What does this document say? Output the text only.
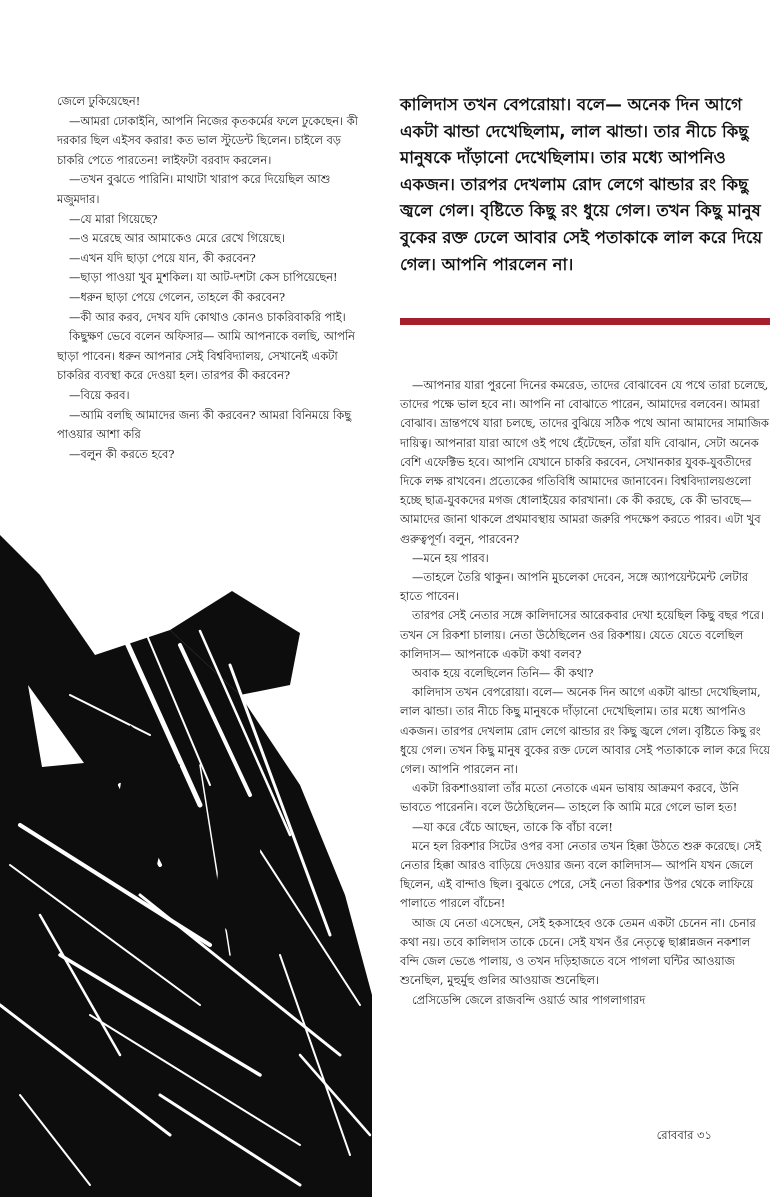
জেলে ঢুকিয়েছেন!

—আমরা ঢোকাইনি, আপনি নিজের কৃতকর্মের ফলে ঢুকেছেন। কী দরকার ছিল এইসব করার! কত ভাল স্টুডেন্ট ছিলেন। চাইলে বড় চাকরি পেতে পারতেন! লাইফটা বরবাদ করলেন।

—তখন বুঝতে পারিনি। মাথাটা খারাপ করে দিয়েছিল আশু মজুমদার।

—যে মারা গিয়েছে?

—ও মরেছে আর আমাকেও মেরে রেখে গিয়েছে।

—এখন যদি ছাড়া পেয়ে যান, কী করবেন?

—ছাড়া পাওয়া খুব মুশকিল। যা আট-দশটা কেস চাপিয়েছেন!

—ধরুন ছাড়া পেয়ে গেলেন, তাহলে কী করবেন?

—কী আর করব, দেখব যদি কোথাও কোনও চাকরিবাকরি পাই।

কিছুক্ষণ ভেবে বলেন অফিসার— আমি আপনাকে বলছি, আপনি ছাড়া পাবেন। ধরুন আপনার সেই বিশ্ববিদ্যালয়, সেখানেই একটা চাকরির ব্যবস্থা করে দেওয়া হল। তারপর কী করবেন?

—বিয়ে করব।

—আমি বলছি আমাদের জন্য কী করবেন? আমরা বিনিময়ে কিছু পাওয়ার আশা করি

—বলুন কী করতে হবে?

কালিদাস তখন বেপরোয়া। বলে— অনেক দিন আগে একটা ঝান্ডা দেখেছিলাম, লাল ঝান্ডা। তার নীচে কিছু মানুষকে দাঁড়ানো দেখেছিলাম। তার মধ্যে আপনিও একজন। তারপর দেখলাম রোদ লেগে ঝান্ডার রং কিছু জ্বলে গেল। বৃষ্টিতে কিছু রং ধুয়ে গেল। তখন কিছু মানুষ বুকের রক্ত ঢেলে আবার সেই পতাকাকে লাল করে দিয়ে গেল। আপনি পারলেন না।

—আপনার যারা পুরনো দিনের কমরেড, তাদের বোঝাবেন যে পথে তারা চলেছে, তাদের পক্ষে ভাল হবে না। আপনি না বোঝাতে পারেন, আমাদের বলবেন। আমরা বোঝাব। ভ্রান্তপথে যারা চলছে, তাদের বুঝিয়ে সঠিক পথে আনা আমাদের সামাজিক দায়িত্ব। আপনারা যারা আগে ওই পথে হেঁটেছেন, তাঁরা যদি বোঝান, সেটা অনেক বেশি এফেক্টিভ হবে। আপনি যেখানে চাকরি করবেন, সেখানকার যুবক-যুবতীদের দিকে লক্ষ রাখবেন। প্রত্যেকের গতিবিধি আমাদের জানাবেন। বিশ্ববিদ্যালয়গুলো হচ্ছে ছাত্র-যুবকদের মগজ ধোলাইয়ের কারখানা। কে কী করছে, কে কী ভাবছে— আমাদের জানা থাকলে প্রথমাবস্থায় আমরা জরুরি পদক্ষেপ করতে পারব। এটা খুব গুরুত্বপূর্ণ। বলুন, পারবেন?

—মনে হয় পারব।

—তাহলে তৈরি থাকুন। আপনি মুচলেকা দেবেন, সঙ্গে অ্যাপয়েন্টমেন্ট লেটার হাতে পাবেন।

তারপর সেই নেতার সঙ্গে কালিদাসের আরেকবার দেখা হয়েছিল কিছু বছর পরে। তখন সে রিকশা চালায়। নেতা উঠেছিলেন ওর রিকশায়। যেতে যেতে বলেছিল কালিদাস— আপনাকে একটা কথা বলব?

অবাক হয়ে বলেছিলেন তিনি— কী কথা?

কালিদাস তখন বেপরোয়া। বলে— অনেক দিন আগে একটা ঝান্ডা দেখেছিলাম, লাল ঝান্ডা। তার নীচে কিছু মানুষকে দাঁড়ানো দেখেছিলাম। তার মধ্যে আপনিও একজন। তারপর দেখলাম রোদ লেগে ঝান্ডার রং কিছু জ্বলে গেল। বৃষ্টিতে কিছু রং ধুয়ে গেল। তখন কিছু মানুষ বুকের রক্ত ঢেলে আবার সেই পতাকাকে লাল করে দিয়ে গেল। আপনি পারলেন না।

একটা রিকশাওয়ালা তাঁর মতো নেতাকে এমন ভাষায় আক্রমণ করবে, উনি ভাবতে পারেননি। বলে উঠেছিলেন— তাহলে কি আমি মরে গেলে ভাল হত!

—যা করে বেঁচে আছেন, তাকে কি বাঁচা বলে!

মনে হল রিকশার সিটের ওপর বসা নেতার তখন হিক্কা উঠতে শুরু করেছে। সেই নেতার হিক্কা আরও বাড়িয়ে দেওয়ার জন্য বলে কালিদাস— আপনি যখন জেলে ছিলেন, এই বান্দাও ছিল। বুঝতে পেরে, সেই নেতা রিকশার উপর থেকে লাফিয়ে পালাতে পারলে বাঁচেন!

আজ যে নেতা এসেছেন, সেই হকসাহেব ওকে তেমন একটা চেনেন না। চেনার কথা নয়। তবে কালিদাস তাকে চেনে। সেই যখন ওঁর নেতৃত্বে ছাপ্পান্নজন নকশাল বন্দি জেল ভেঙে পালায়, ও তখন দড়িহাজতে বসে পাগলা ঘন্টির আওয়াজ শুনেছিল, মুহুর্মুহু গুলির আওয়াজ শুনেছিল।

প্রেসিডেন্সি জেলে রাজবন্দি ওয়ার্ড আর পাগলাগারদ

রোববার ৩১
